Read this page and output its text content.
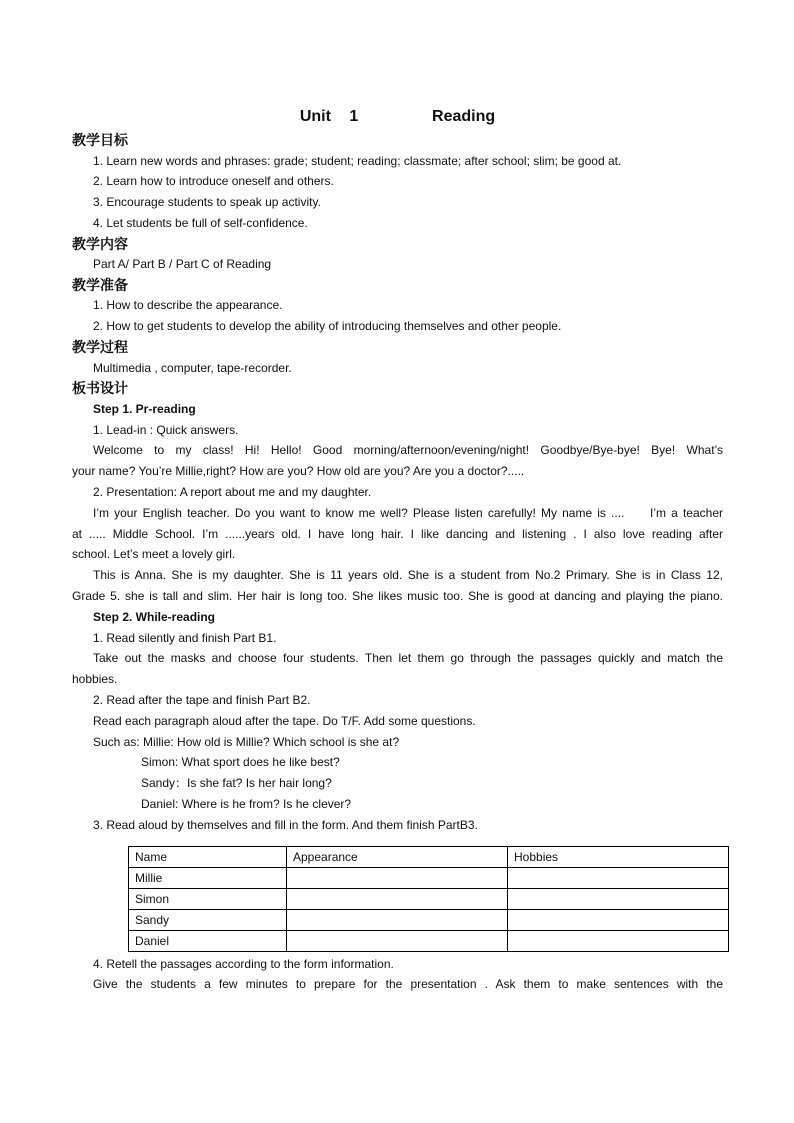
Unit 1    Reading
教学目标
1. Learn new words and phrases: grade; student; reading; classmate; after school; slim; be good at.
2. Learn how to introduce oneself and others.
3. Encourage students to speak up activity.
4. Let students be full of self-confidence.
教学内容
Part A/ Part B / Part C of Reading
教学准备
1. How to describe the appearance.
2. How to get students to develop the ability of introducing themselves and other people.
教学过程
Multimedia , computer, tape-recorder.
板书设计
Step 1. Pr-reading
1. Lead-in : Quick answers.
Welcome to my class! Hi! Hello! Good morning/afternoon/evening/night! Goodbye/Bye-bye! Bye! What’s
your name? You’re Millie,right? How are you? How old are you? Are you a doctor?.....
2. Presentation: A report about me and my daughter.
I’m your English teacher. Do you want to know me well? Please listen carefully! My name is ....     I’m a teacher
at ..... Middle School. I’m ......years old. I have long hair. I like dancing and listening . I also love reading after
school. Let’s meet a lovely girl.
This is Anna. She is my daughter. She is 11 years old. She is a student from No.2 Primary. She is in Class 12,
Grade 5. she is tall and slim. Her hair is long too. She likes music too. She is good at dancing and playing the piano.
Step 2. While-reading
1. Read silently and finish Part B1.
Take out the masks and choose four students. Then let them go through the passages quickly and match the
hobbies.
2. Read after the tape and finish Part B2.
Read each paragraph aloud after the tape. Do T/F. Add some questions.
Such as: Millie: How old is Millie? Which school is she at?
Simon: What sport does he like best?
Sandy：Is she fat? Is her hair long?
Daniel: Where is he from? Is he clever?
3. Read aloud by themselves and fill in the form. And them finish PartB3.
Name	Appearance	Hobbies
Millie		
Simon		
Sandy		
Daniel		
4. Retell the passages according to the form information.
Give the students a few minutes to prepare for the presentation . Ask them to make sentences with the
